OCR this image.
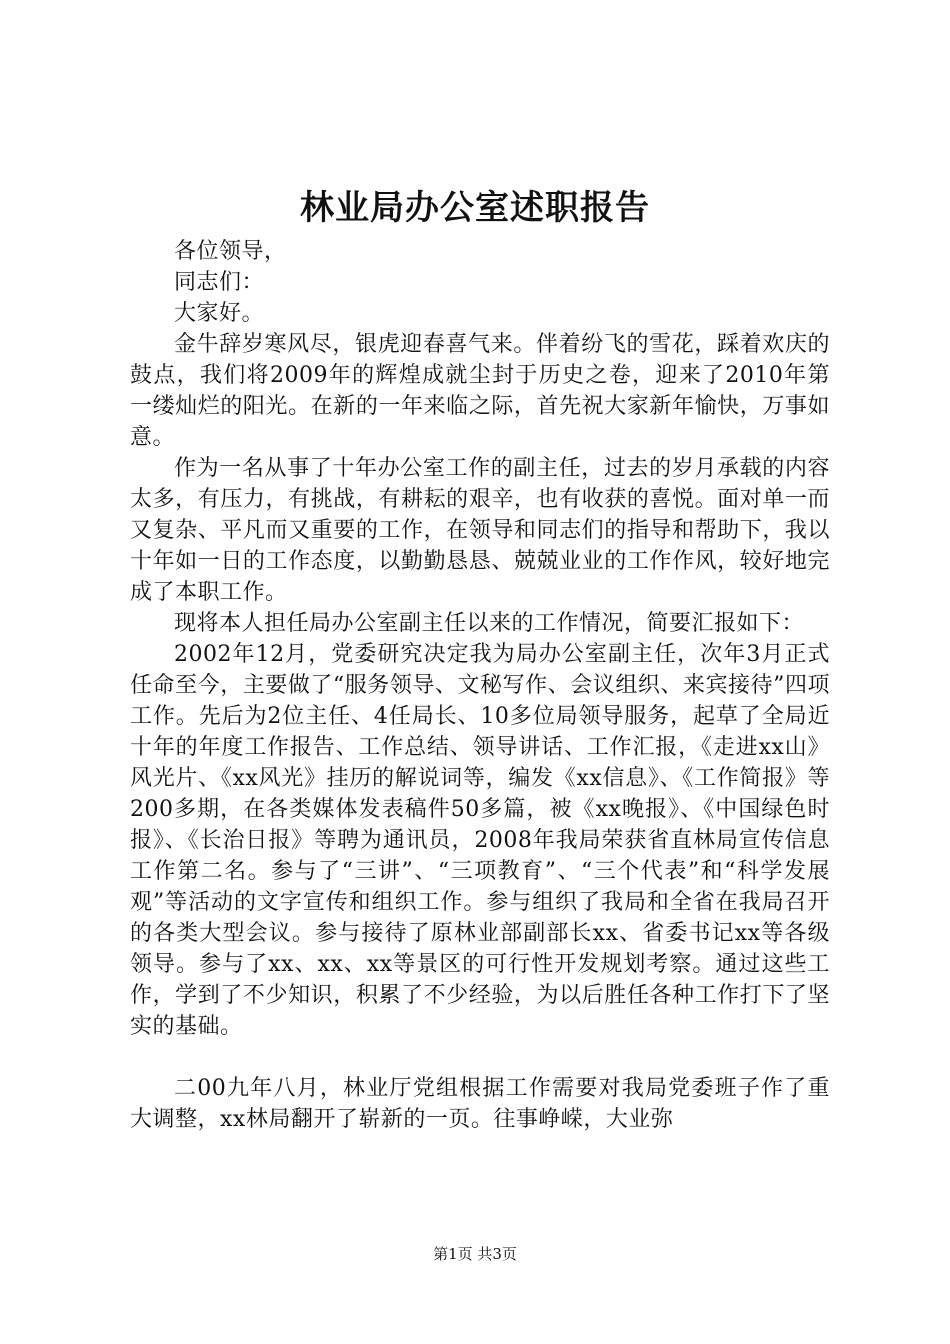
林业局办公室述职报告

各位领导，

同志们：

大家好。

金牛辞岁寒风尽，银虎迎春喜气来。伴着纷飞的雪花，踩着欢庆的鼓点，我们将2009年的辉煌成就尘封于历史之卷，迎来了2010年第一缕灿烂的阳光。在新的一年来临之际，首先祝大家新年愉快，万事如意。

作为一名从事了十年办公室工作的副主任，过去的岁月承载的内容太多，有压力，有挑战，有耕耘的艰辛，也有收获的喜悦。面对单一而又复杂、平凡而又重要的工作，在领导和同志们的指导和帮助下，我以十年如一日的工作态度，以勤勤恳恳、兢兢业业的工作作风，较好地完成了本职工作。

现将本人担任局办公室副主任以来的工作情况，简要汇报如下：

2002年12月，党委研究决定我为局办公室副主任，次年3月正式任命至今，主要做了“服务领导、文秘写作、会议组织、来宾接待”四项工作。先后为2位主任、4任局长、10多位局领导服务，起草了全局近十年的年度工作报告、工作总结、领导讲话、工作汇报，《走进xx山》风光片、《xx风光》挂历的解说词等，编发《xx信息》、《工作简报》等200多期，在各类媒体发表稿件50多篇，被《xx晚报》、《中国绿色时报》、《长治日报》等聘为通讯员，2008年我局荣获省直林局宣传信息工作第二名。参与了“三讲”、“三项教育”、“三个代表”和“科学发展观”等活动的文字宣传和组织工作。参与组织了我局和全省在我局召开的各类大型会议。参与接待了原林业部副部长xx、省委书记xx等各级领导。参与了xx、xx、xx等景区的可行性开发规划考察。通过这些工作，学到了不少知识，积累了不少经验，为以后胜任各种工作打下了坚实的基础。

二00九年八月，林业厅党组根据工作需要对我局党委班子作了重大调整，xx林局翻开了崭新的一页。往事峥嵘，大业弥

第1页 共3页
